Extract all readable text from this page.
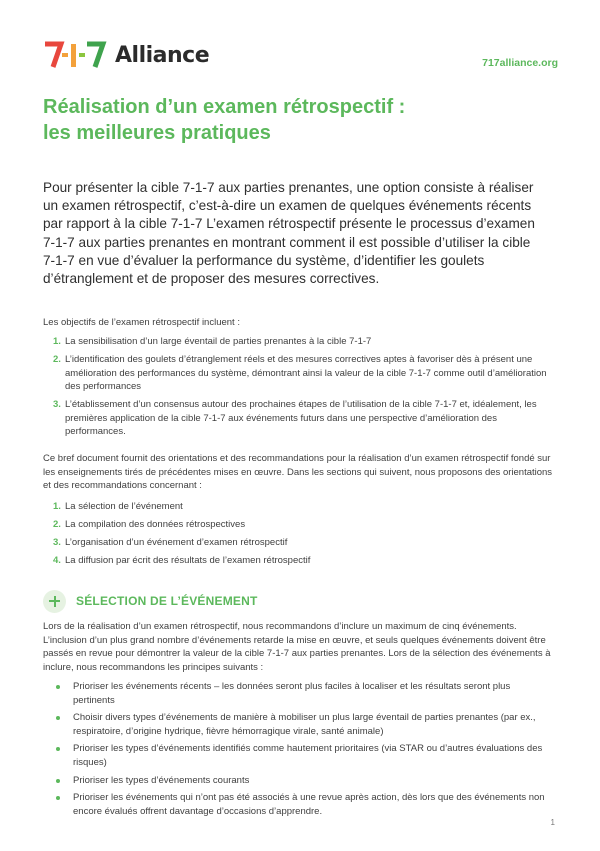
Alliance	717alliance.org
Réalisation d’un examen rétrospectif :
les meilleures pratiques

Pour présenter la cible 7-1-7 aux parties prenantes, une option consiste à réaliser un examen rétrospectif, c’est-à-dire un examen de quelques événements récents par rapport à la cible 7-1-7 L’examen rétrospectif présente le processus d’examen 7-1-7 aux parties prenantes en montrant comment il est possible d’utiliser la cible 7-1-7 en vue d’évaluer la performance du système, d’identifier les goulets d’étranglement et de proposer des mesures correctives.

Les objectifs de l’examen rétrospectif incluent :

1. La sensibilisation d’un large éventail de parties prenantes à la cible 7-1-7
2. L’identification des goulets d’étranglement réels et des mesures correctives aptes à favoriser dès à présent une amélioration des performances du système, démontrant ainsi la valeur de la cible 7-1-7 comme outil d’amélioration des performances
3. L’établissement d’un consensus autour des prochaines étapes de l’utilisation de la cible 7-1-7 et, idéalement, les premières application de la cible 7-1-7 aux événements futurs dans une perspective d’amélioration des performances.

Ce bref document fournit des orientations et des recommandations pour la réalisation d’un examen rétrospectif fondé sur les enseignements tirés de précédentes mises en œuvre. Dans les sections qui suivent, nous proposons des orientations et des recommandations concernant :

1. La sélection de l’événement
2. La compilation des données rétrospectives
3. L’organisation d’un événement d’examen rétrospectif
4. La diffusion par écrit des résultats de l’examen rétrospectif
SÉLECTION DE L’ÉVÉNEMENT

Lors de la réalisation d’un examen rétrospectif, nous recommandons d’inclure un maximum de cinq événements. L’inclusion d’un plus grand nombre d’événements retarde la mise en œuvre, et seuls quelques événements doivent être passés en revue pour démontrer la valeur de la cible 7-1-7 aux parties prenantes. Lors de la sélection des événements à inclure, nous recommandons les principes suivants :

Prioriser les événements récents – les données seront plus faciles à localiser et les résultats seront plus pertinents
Choisir divers types d’événements de manière à mobiliser un plus large éventail de parties prenantes (par ex., respiratoire, d’origine hydrique, fièvre hémorragique virale, santé animale)
Prioriser les types d’événements identifiés comme hautement prioritaires (via STAR ou d’autres évaluations des risques)
Prioriser les types d’événements courants
Prioriser les événements qui n’ont pas été associés à une revue après action, dès lors que des événements non encore évalués offrent davantage d’occasions d’apprendre.
1
